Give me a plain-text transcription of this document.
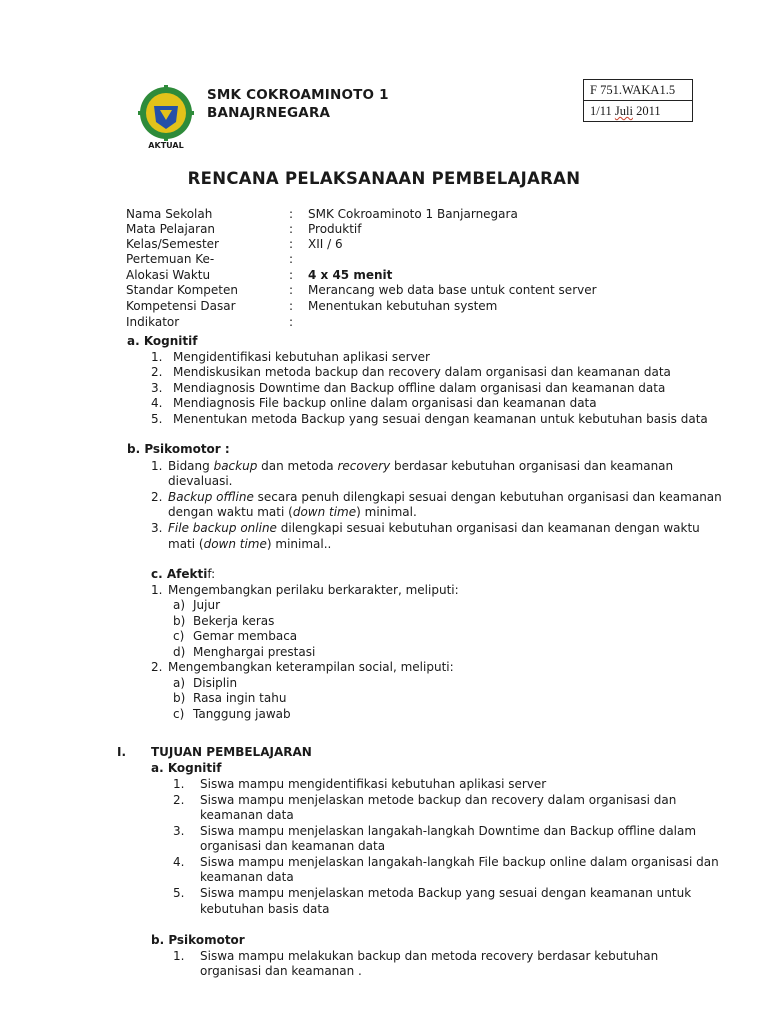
AKTUAL
SMK COKROAMINOTO 1
BANAJRNEGARA
F 751.WAKA1.5
1/11 Juli 2011
RENCANA PELAKSANAAN PEMBELAJARAN
Nama Sekolah	: SMK Cokroaminoto 1 Banjarnegara
Mata Pelajaran	: Produktif
Kelas/Semester	: XII / 6
Pertemuan Ke-	:
Alokasi Waktu	: 4 x 45 menit
Standar Kompeten	: Merancang web data base untuk content server
Kompetensi Dasar	: Menentukan kebutuhan system
Indikator	:
a. Kognitif
1. Mengidentifikasi kebutuhan aplikasi server
2. Mendiskusikan metoda backup dan recovery dalam organisasi dan keamanan data
3. Mendiagnosis Downtime dan Backup offline dalam organisasi dan keamanan data
4. Mendiagnosis File backup online dalam organisasi dan keamanan data
5. Menentukan metoda Backup yang sesuai dengan keamanan untuk kebutuhan basis data
b. Psikomotor :
1. Bidang backup dan metoda recovery berdasar kebutuhan organisasi dan keamanan
dievaluasi.
2. Backup offline secara penuh dilengkapi sesuai dengan kebutuhan organisasi dan keamanan
dengan waktu mati (down time) minimal.
3. File backup online dilengkapi sesuai kebutuhan organisasi dan keamanan dengan waktu
mati (down time) minimal..
c. Afektif:
1. Mengembangkan perilaku berkarakter, meliputi:
a) Jujur
b) Bekerja keras
c) Gemar membaca
d) Menghargai prestasi
2. Mengembangkan keterampilan social, meliputi:
a) Disiplin
b) Rasa ingin tahu
c) Tanggung jawab
I. TUJUAN PEMBELAJARAN
a. Kognitif
1. Siswa mampu mengidentifikasi kebutuhan aplikasi server
2. Siswa mampu menjelaskan metode backup dan recovery dalam organisasi dan
keamanan data
3. Siswa mampu menjelaskan langakah-langkah Downtime dan Backup offline dalam
organisasi dan keamanan data
4. Siswa mampu menjelaskan langakah-langkah File backup online dalam organisasi dan
keamanan data
5. Siswa mampu menjelaskan metoda Backup yang sesuai dengan keamanan untuk
kebutuhan basis data
b. Psikomotor
1. Siswa mampu melakukan backup dan metoda recovery berdasar kebutuhan
organisasi dan keamanan .
